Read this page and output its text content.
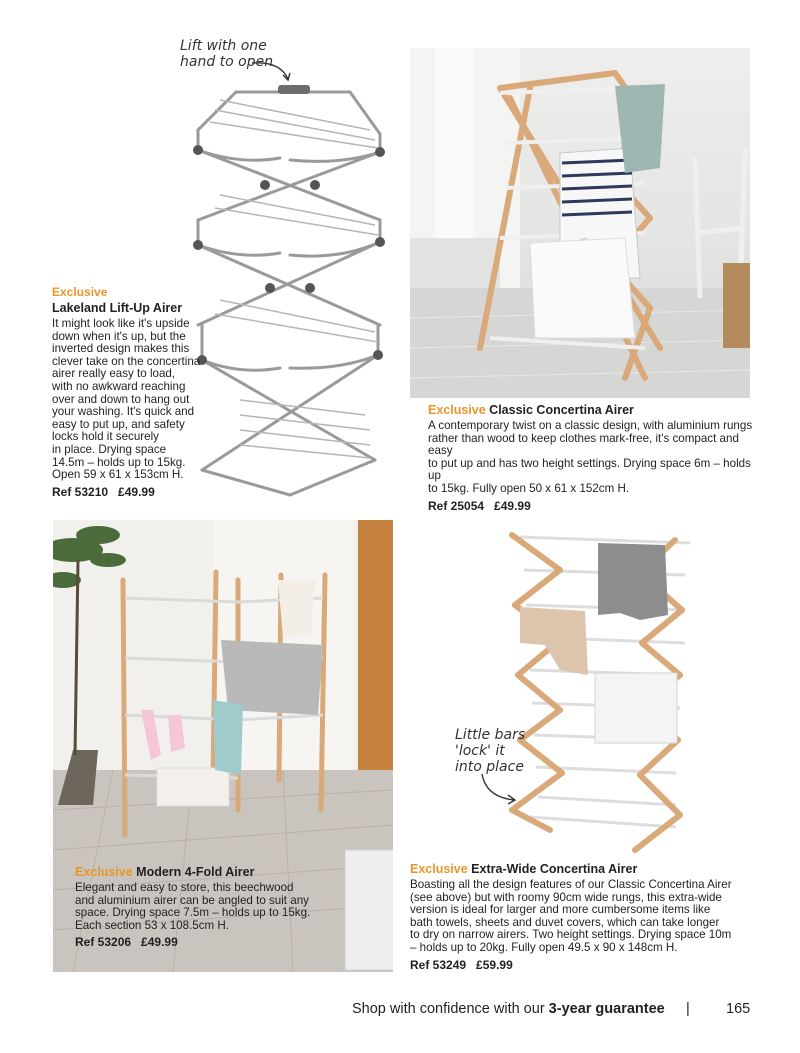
Lift with one
hand to open
Exclusive
Lakeland Lift-Up Airer
It might look like it's upside
down when it's up, but the
inverted design makes this
clever take on the concertina
airer really easy to load,
with no awkward reaching
over and down to hang out
your washing. It's quick and
easy to put up, and safety
locks hold it securely
in place. Drying space
14.5m – holds up to 15kg.
Open 59 x 61 x 153cm H.
Ref 53210 £49.99
Exclusive Classic Concertina Airer
A contemporary twist on a classic design, with aluminium rungs
rather than wood to keep clothes mark-free, it's compact and easy
to put up and has two height settings. Drying space 6m – holds up
to 15kg. Fully open 50 x 61 x 152cm H.
Ref 25054 £49.99
Exclusive Modern 4-Fold Airer
Elegant and easy to store, this beechwood
and aluminium airer can be angled to suit any
space. Drying space 7.5m – holds up to 15kg.
Each section 53 x 108.5cm H.
Ref 53206 £49.99
Little bars
'lock' it
into place
Exclusive Extra-Wide Concertina Airer
Boasting all the design features of our Classic Concertina Airer
(see above) but with roomy 90cm wide rungs, this extra-wide
version is ideal for larger and more cumbersome items like
bath towels, sheets and duvet covers, which can take longer
to dry on narrow airers. Two height settings. Drying space 10m
– holds up to 20kg. Fully open 49.5 x 90 x 148cm H.
Ref 53249 £59.99
Shop with confidence with our 3-year guarantee | 165
